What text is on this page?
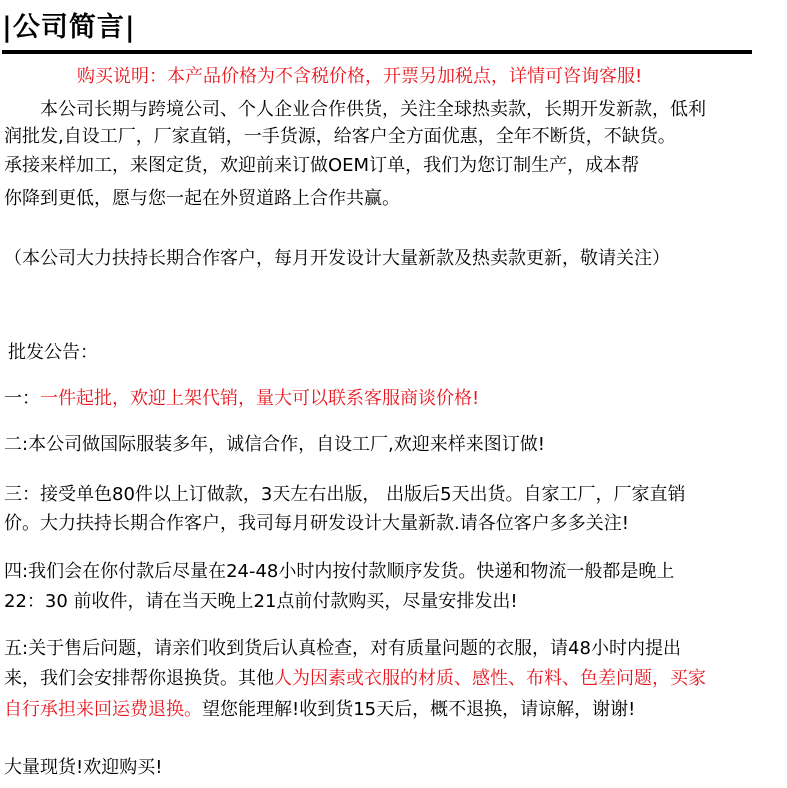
|公司简言|
购买说明：本产品价格为不含税价格，开票另加税点，详情可咨询客服!
本公司长期与跨境公司、个人企业合作供货，关注全球热卖款，长期开发新款，低利
润批发,自设工厂，厂家直销，一手货源，给客户全方面优惠，全年不断货，不缺货。
承接来样加工，来图定货，欢迎前来订做OEM订单，我们为您订制生产，成本帮
你降到更低，愿与您一起在外贸道路上合作共赢。
（本公司大力扶持长期合作客户，每月开发设计大量新款及热卖款更新，敬请关注）
批发公告：
一：一件起批，欢迎上架代销，量大可以联系客服商谈价格!
二:本公司做国际服装多年，诚信合作，自设工厂,欢迎来样来图订做!
三：接受单色80件以上订做款，3天左右出版， 出版后5天出货。自家工厂，厂家直销
价。大力扶持长期合作客户，我司每月研发设计大量新款.请各位客户多多关注!
四:我们会在你付款后尽量在24-48小时内按付款顺序发货。快递和物流一般都是晚上
22：30 前收件，请在当天晚上21点前付款购买，尽量安排发出!
五:关于售后问题，请亲们收到货后认真检查，对有质量问题的衣服，请48小时内提出
来，我们会安排帮你退换货。其他人为因素或衣服的材质、感性、布料、色差问题，买家
自行承担来回运费退换。望您能理解!收到货15天后，概不退换，请谅解，谢谢!
大量现货!欢迎购买!
